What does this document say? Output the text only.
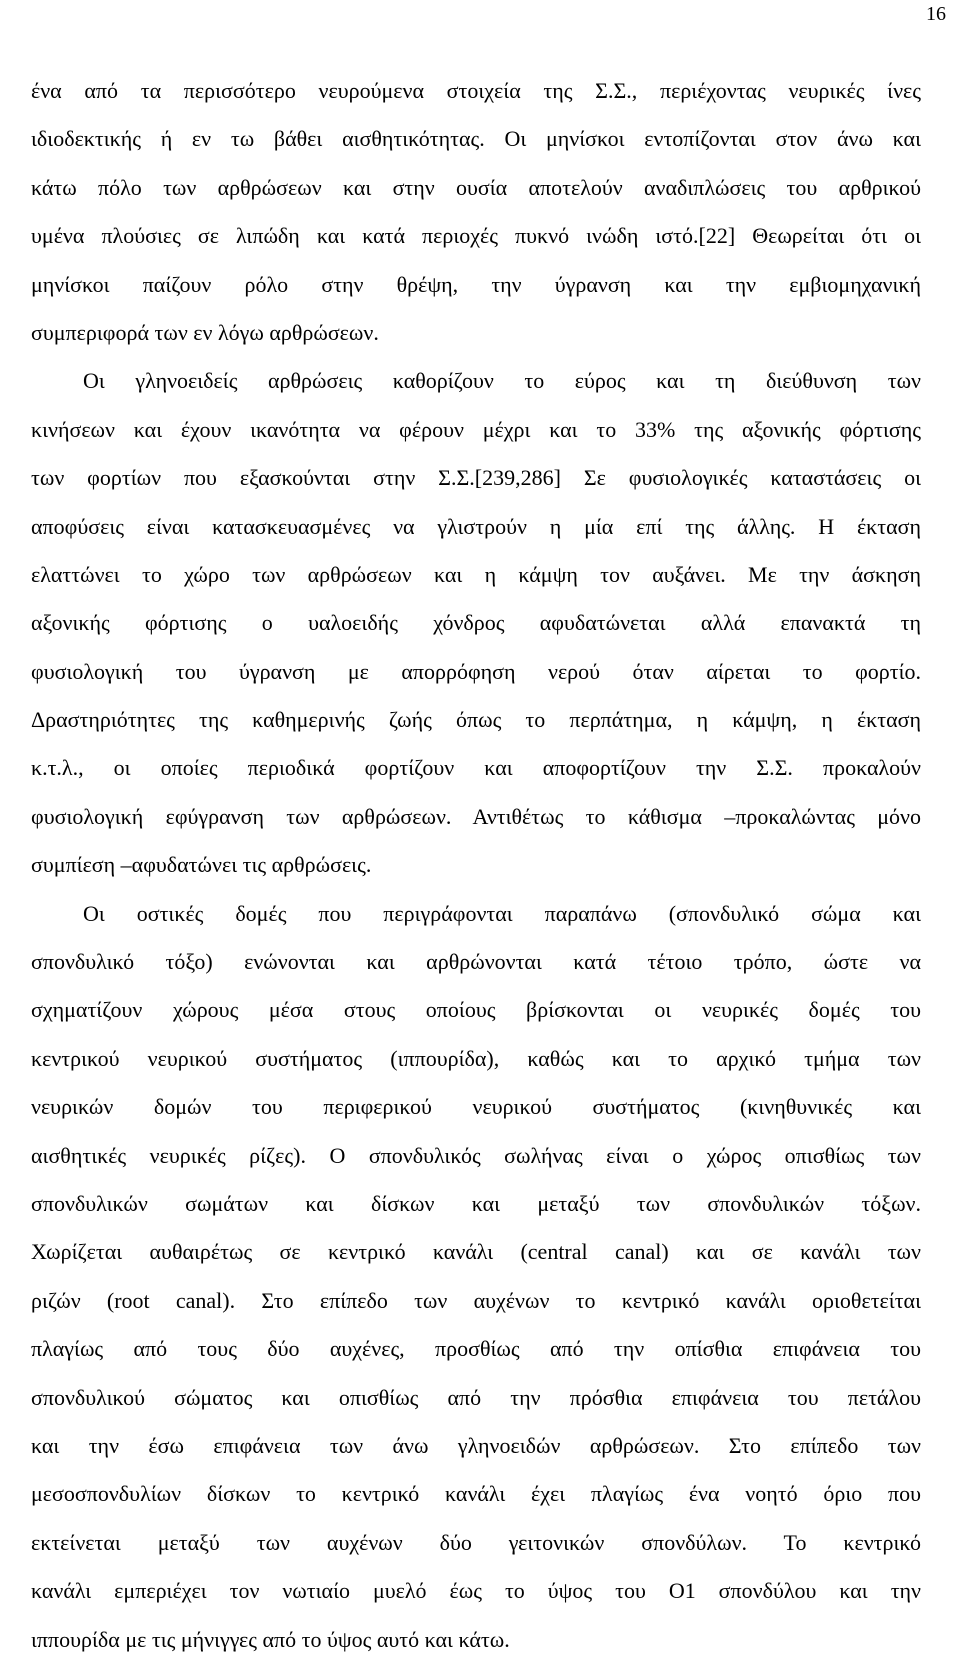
16
ένα από τα περισσότερο νευρούμενα στοιχεία της Σ.Σ., περιέχοντας νευρικές ίνες
ιδιοδεκτικής ή εν τω βάθει αισθητικότητας. Οι μηνίσκοι εντοπίζονται στον άνω και
κάτω πόλο των αρθρώσεων και στην ουσία αποτελούν αναδιπλώσεις του αρθρικού
υμένα πλούσιες σε λιπώδη και κατά περιοχές πυκνό ινώδη ιστό.[22] Θεωρείται ότι οι
μηνίσκοι παίζουν ρόλο στην θρέψη, την ύγρανση και την εμβιομηχανική
συμπεριφορά των εν λόγω αρθρώσεων.
Οι γληνοειδείς αρθρώσεις καθορίζουν το εύρος και τη διεύθυνση των
κινήσεων και έχουν ικανότητα να φέρουν μέχρι και το 33% της αξονικής φόρτισης
των φορτίων που εξασκούνται στην Σ.Σ.[239,286] Σε φυσιολογικές καταστάσεις οι
αποφύσεις είναι κατασκευασμένες να γλιστρούν η μία επί της άλλης. Η έκταση
ελαττώνει το χώρο των αρθρώσεων και η κάμψη τον αυξάνει. Με την άσκηση
αξονικής φόρτισης ο υαλοειδής χόνδρος αφυδατώνεται αλλά επανακτά τη
φυσιολογική του ύγρανση με απορρόφηση νερού όταν αίρεται το φορτίο.
Δραστηριότητες της καθημερινής ζωής όπως το περπάτημα, η κάμψη, η έκταση
κ.τ.λ., οι οποίες περιοδικά φορτίζουν και αποφορτίζουν την Σ.Σ. προκαλούν
φυσιολογική εφύγρανση των αρθρώσεων. Αντιθέτως το κάθισμα –προκαλώντας μόνο
συμπίεση –αφυδατώνει τις αρθρώσεις.
Οι οστικές δομές που περιγράφονται παραπάνω (σπονδυλικό σώμα και
σπονδυλικό τόξο) ενώνονται και αρθρώνονται κατά τέτοιο τρόπο, ώστε να
σχηματίζουν χώρους μέσα στους οποίους βρίσκονται οι νευρικές δομές του
κεντρικού νευρικού συστήματος (ιππουρίδα), καθώς και το αρχικό τμήμα των
νευρικών δομών του περιφερικού νευρικού συστήματος (κινηθυνικές και
αισθητικές νευρικές ρίζες). Ο σπονδυλικός σωλήνας είναι ο χώρος οπισθίως των
σπονδυλικών σωμάτων και δίσκων και μεταξύ των σπονδυλικών τόξων.
Χωρίζεται αυθαιρέτως σε κεντρικό κανάλι (central canal) και σε κανάλι των
ριζών (root canal). Στο επίπεδο των αυχένων το κεντρικό κανάλι οριοθετείται
πλαγίως από τους δύο αυχένες, προσθίως από την οπίσθια επιφάνεια του
σπονδυλικού σώματος και οπισθίως από την πρόσθια επιφάνεια του πετάλου
και την έσω επιφάνεια των άνω γληνοειδών αρθρώσεων. Στο επίπεδο των
μεσοσπονδυλίων δίσκων το κεντρικό κανάλι έχει πλαγίως ένα νοητό όριο που
εκτείνεται μεταξύ των αυχένων δύο γειτονικών σπονδύλων. Το κεντρικό
κανάλι εμπεριέχει τον νωτιαίο μυελό έως το ύψος του Ο1 σπονδύλου και την
ιππουρίδα με τις μήνιγγες από το ύψος αυτό και κάτω.
